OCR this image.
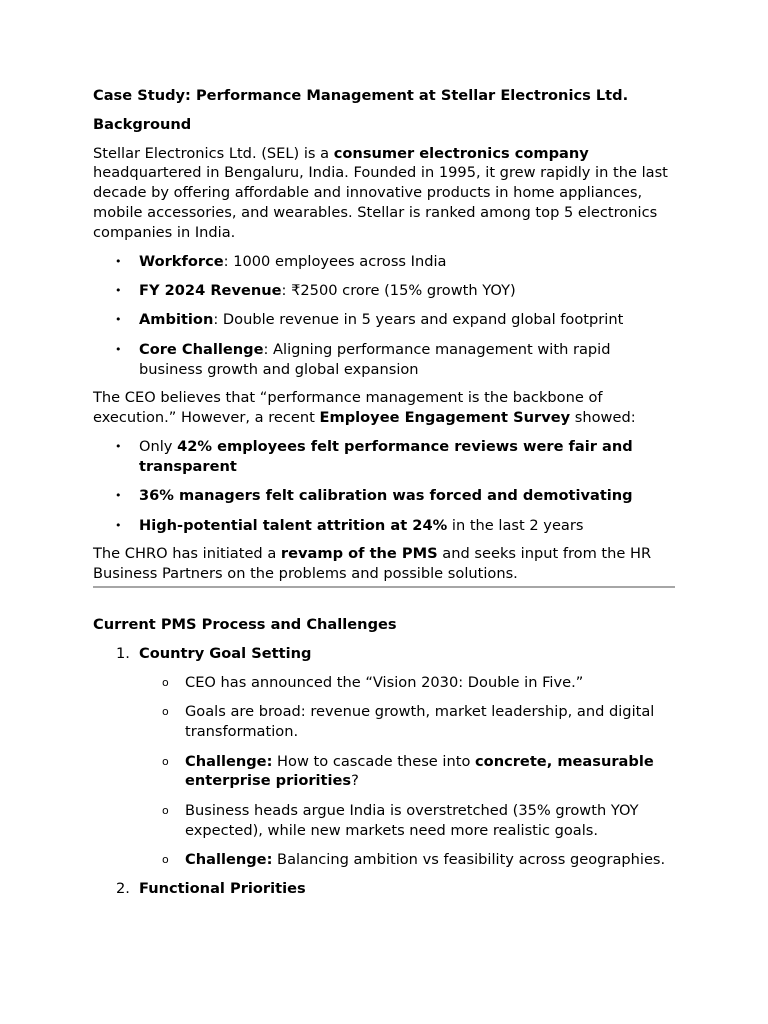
Case Study: Performance Management at Stellar Electronics Ltd.

Background

Stellar Electronics Ltd. (SEL) is a consumer electronics company headquartered in Bengaluru, India. Founded in 1995, it grew rapidly in the last decade by offering affordable and innovative products in home appliances, mobile accessories, and wearables. Stellar is ranked among top 5 electronics companies in India.

• Workforce: 1000 employees across India
• FY 2024 Revenue: ₹2500 crore (15% growth YOY)
• Ambition: Double revenue in 5 years and expand global footprint
• Core Challenge: Aligning performance management with rapid business growth and global expansion

The CEO believes that “performance management is the backbone of execution.” However, a recent Employee Engagement Survey showed:

• Only 42% employees felt performance reviews were fair and transparent
• 36% managers felt calibration was forced and demotivating
• High-potential talent attrition at 24% in the last 2 years

The CHRO has initiated a revamp of the PMS and seeks input from the HR Business Partners on the problems and possible solutions.

Current PMS Process and Challenges

1. Country Goal Setting
o CEO has announced the “Vision 2030: Double in Five.”
o Goals are broad: revenue growth, market leadership, and digital transformation.
o Challenge: How to cascade these into concrete, measurable enterprise priorities?
o Business heads argue India is overstretched (35% growth YOY expected), while new markets need more realistic goals.
o Challenge: Balancing ambition vs feasibility across geographies.
2. Functional Priorities
